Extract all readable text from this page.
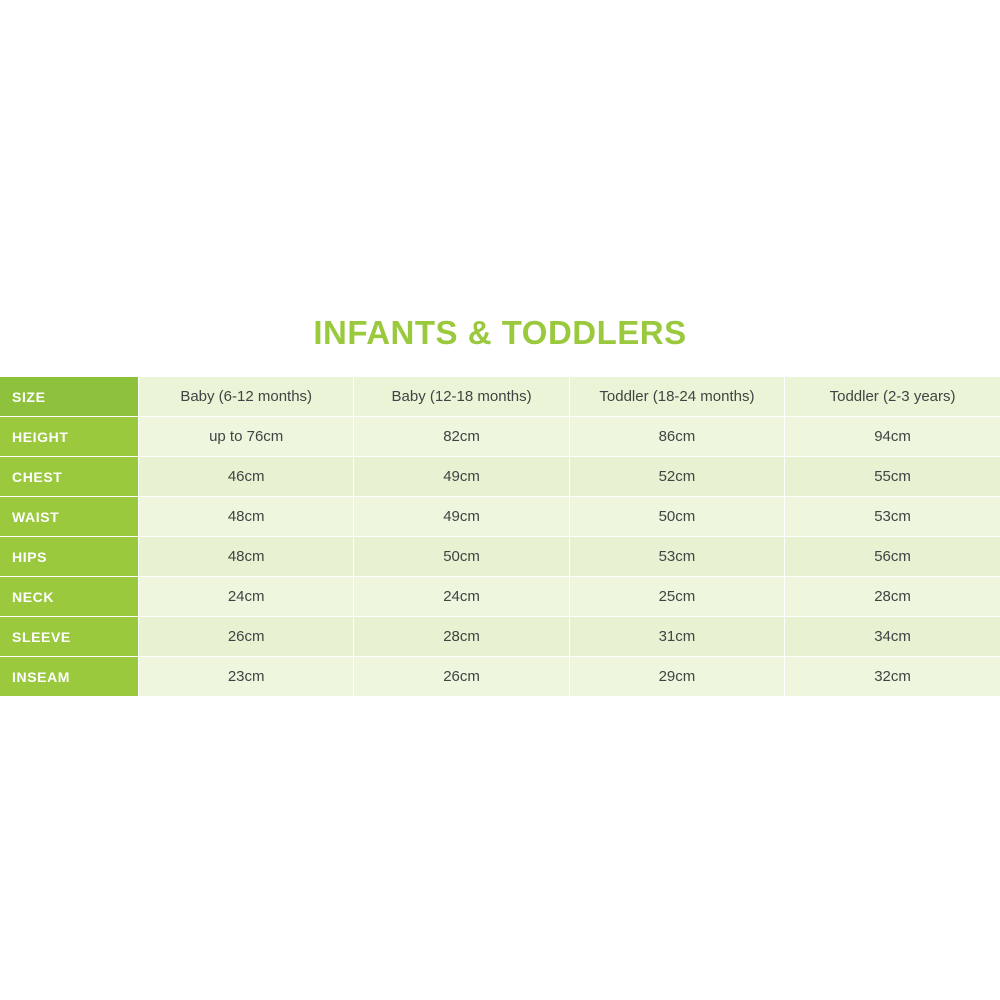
INFANTS & TODDLERS
SIZE	Baby (6-12 months)	Baby (12-18 months)	Toddler (18-24 months)	Toddler (2-3 years)
HEIGHT	up to 76cm	82cm	86cm	94cm
CHEST	46cm	49cm	52cm	55cm
WAIST	48cm	49cm	50cm	53cm
HIPS	48cm	50cm	53cm	56cm
NECK	24cm	24cm	25cm	28cm
SLEEVE	26cm	28cm	31cm	34cm
INSEAM	23cm	26cm	29cm	32cm
